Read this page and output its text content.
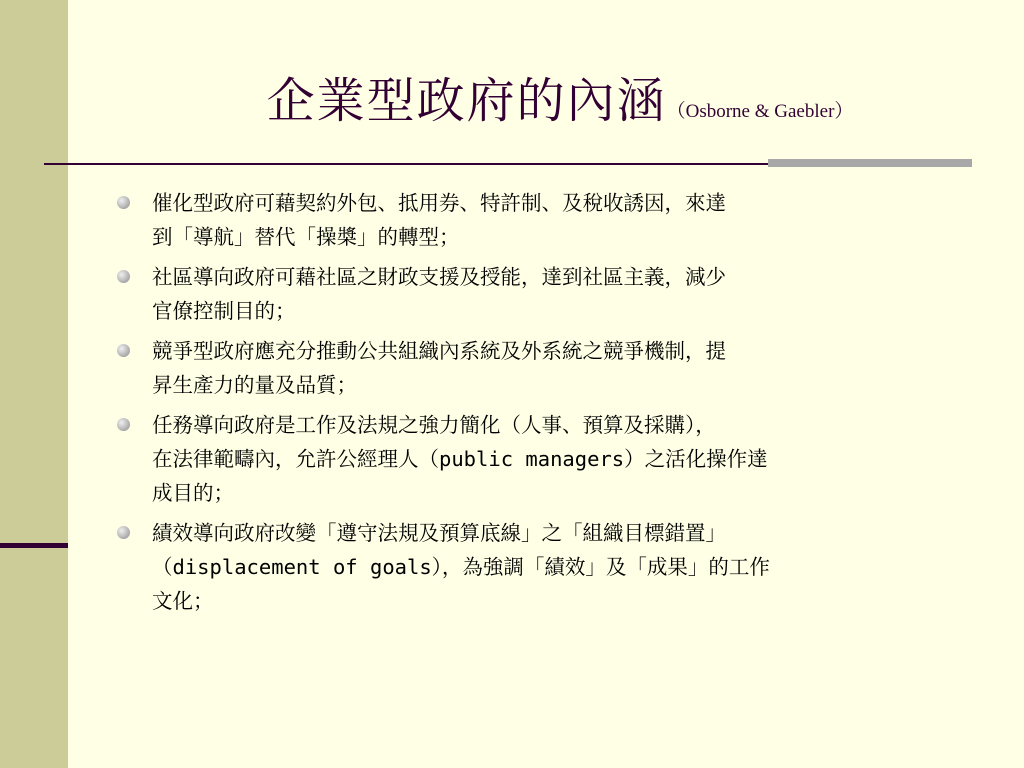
企業型政府的內涵（Osborne & Gaebler）
催化型政府可藉契約外包、抵用券、特許制、及稅收誘因，來達
到「導航」替代「操槳」的轉型；
社區導向政府可藉社區之財政支援及授能，達到社區主義，減少
官僚控制目的；
競爭型政府應充分推動公共組織內系統及外系統之競爭機制，提
昇生產力的量及品質；
任務導向政府是工作及法規之強力簡化（人事、預算及採購），
在法律範疇內，允許公經理人（public managers）之活化操作達
成目的；
績效導向政府改變「遵守法規及預算底線」之「組織目標錯置」
（displacement of goals），為強調「績效」及「成果」的工作
文化；
